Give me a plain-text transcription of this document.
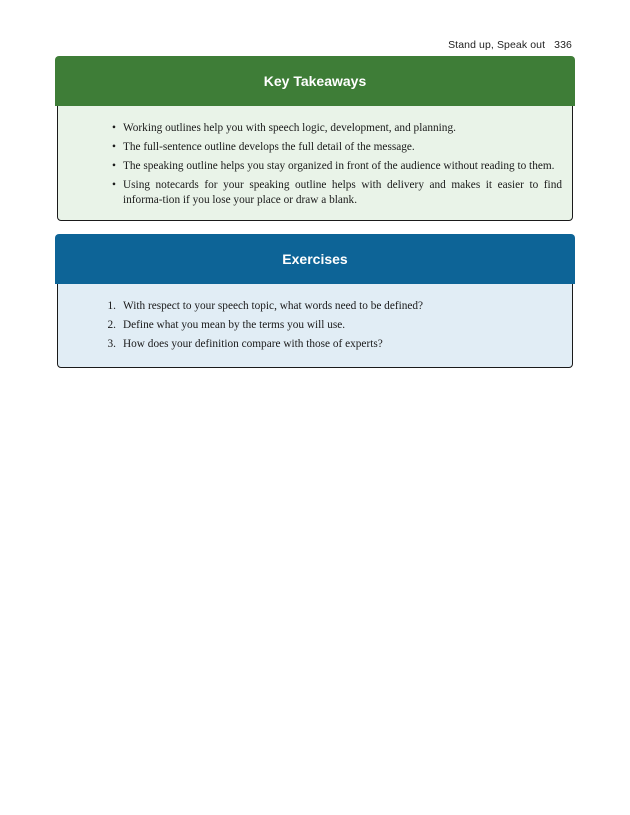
Stand up, Speak out 336
Key Takeaways
• Working outlines help you with speech logic, development, and planning.
• The full-sentence outline develops the full detail of the message.
• The speaking outline helps you stay organized in front of the audience without reading to them.
• Using notecards for your speaking outline helps with delivery and makes it easier to find informa-tion if you lose your place or draw a blank.
Exercises
1. With respect to your speech topic, what words need to be defined?
2. Define what you mean by the terms you will use.
3. How does your definition compare with those of experts?
